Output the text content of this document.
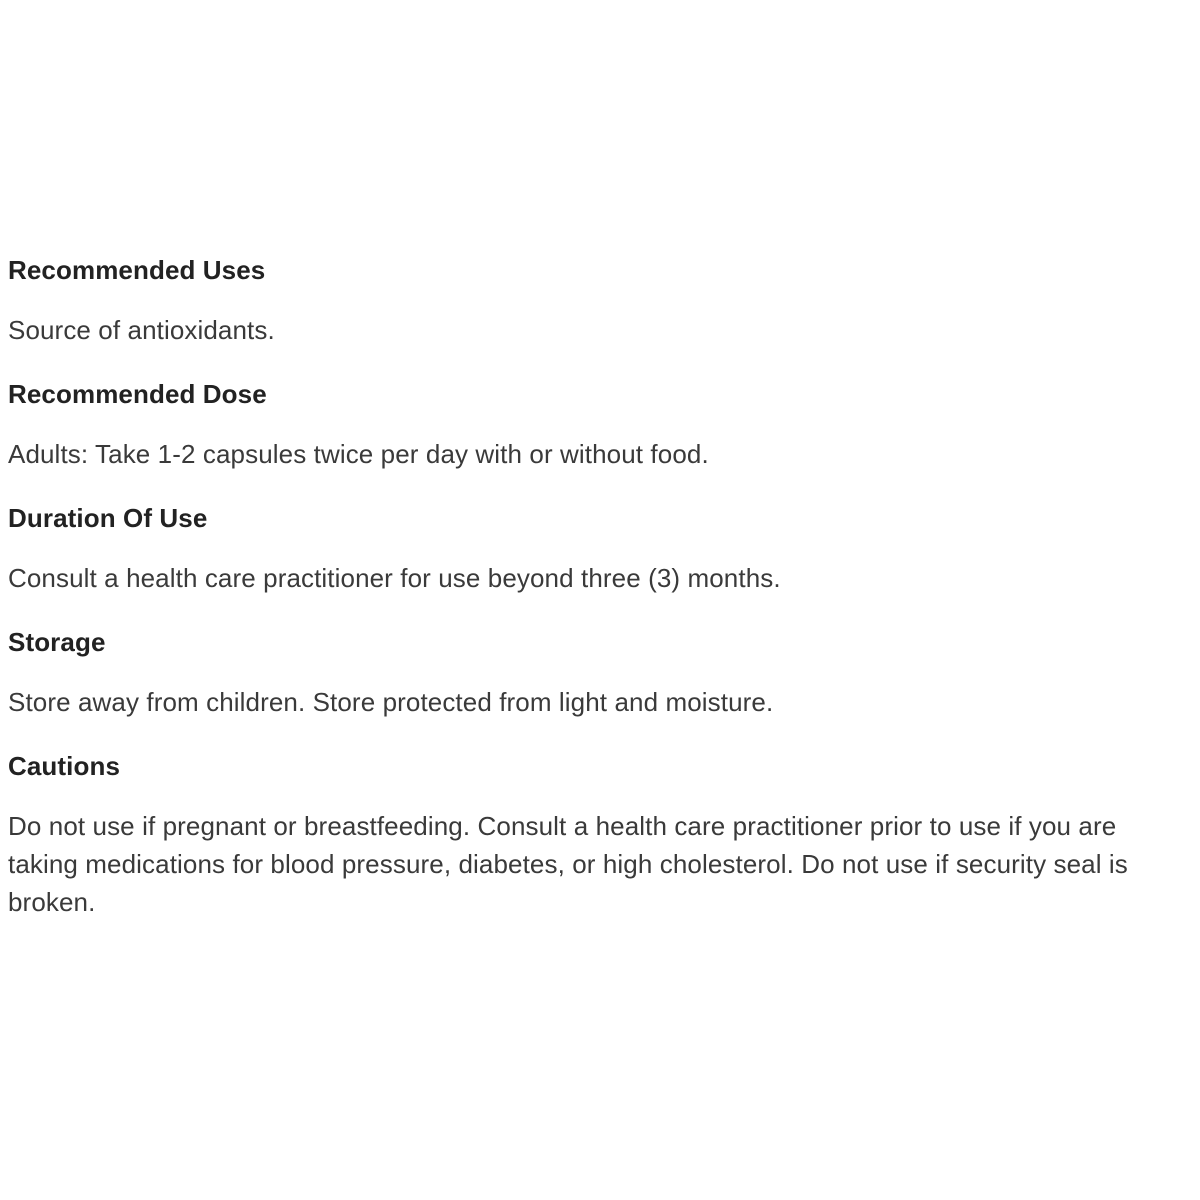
Recommended Uses

Source of antioxidants.

Recommended Dose

Adults: Take 1-2 capsules twice per day with or without food.

Duration Of Use

Consult a health care practitioner for use beyond three (3) months.

Storage

Store away from children. Store protected from light and moisture.

Cautions

Do not use if pregnant or breastfeeding. Consult a health care practitioner prior to use if you are

taking medications for blood pressure, diabetes, or high cholesterol. Do not use if security seal is

broken.
